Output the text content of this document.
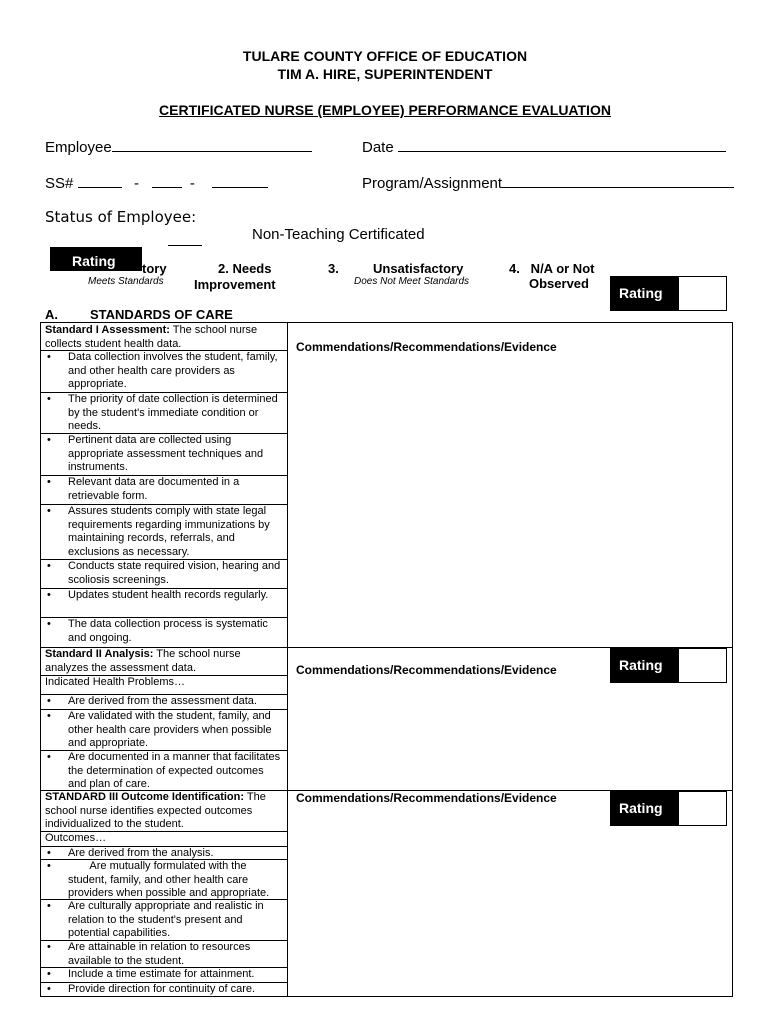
TULARE COUNTY OFFICE OF EDUCATION
TIM A. HIRE, SUPERINTENDENT
CERTIFICATED NURSE (EMPLOYEE) PERFORMANCE EVALUATION
Employee	Date
SS#	-	-	Program/Assignment
Status of Employee:
Non-Teaching Certificated
Rating tory
Meets Standards
2. Needs
Improvement
3.	Unsatisfactory
Does Not Meet Standards
4.   N/A or Not
Observed
Rating
A. STANDARDS OF CARE
Standard I Assessment: The school nurse collects student health data.
• Data collection involves the student, family, and other health care providers as appropriate.
• The priority of date collection is determined by the student's immediate condition or needs.
• Pertinent data are collected using appropriate assessment techniques and instruments.
• Relevant data are documented in a retrievable form.
• Assures students comply with state legal requirements regarding immunizations by maintaining records, referrals, and exclusions as necessary.
• Conducts state required vision, hearing and scoliosis screenings.
• Updates student health records regularly.
• The data collection process is systematic and ongoing.
Commendations/Recommendations/Evidence
Standard II Analysis: The school nurse analyzes the assessment data.
Indicated Health Problems…
• Are derived from the assessment data.
• Are validated with the student, family, and other health care providers when possible and appropriate.
• Are documented in a manner that facilitates the determination of expected outcomes and plan of care.
Commendations/Recommendations/Evidence	Rating
STANDARD III Outcome Identification: The school nurse identifies expected outcomes individualized to the student.
Outcomes…
• Are derived from the analysis.
•        Are mutually formulated with the student, family, and other health care providers when possible and appropriate.
• Are culturally appropriate and realistic in relation to the student's present and potential capabilities.
• Are attainable in relation to resources available to the student.
• Include a time estimate for attainment.
• Provide direction for continuity of care.
Commendations/Recommendations/Evidence
Rating
